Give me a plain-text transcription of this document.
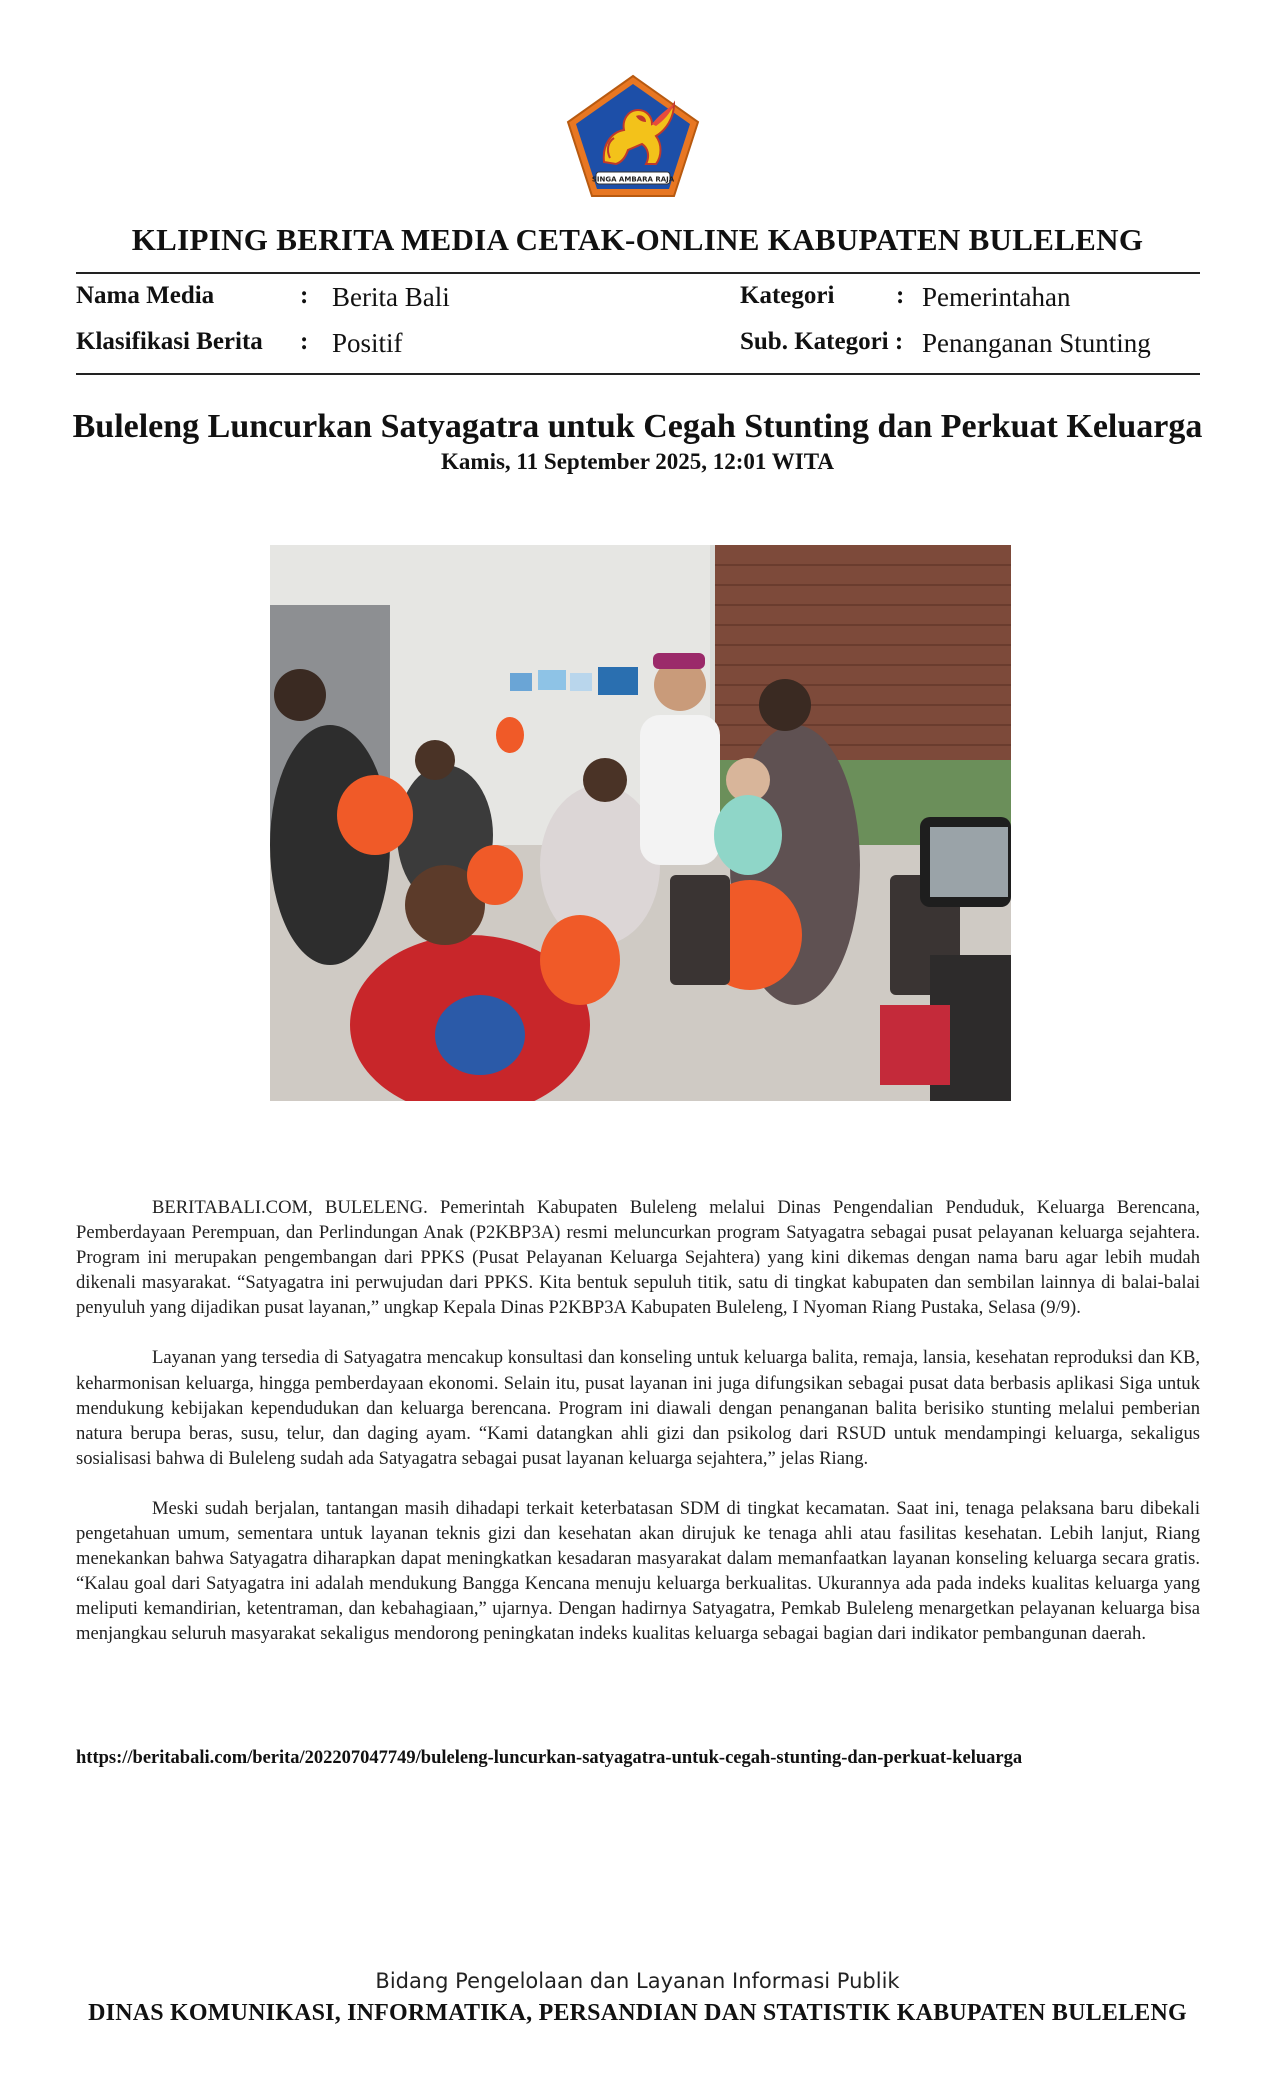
SINGA AMBARA RAJA
KLIPING BERITA MEDIA CETAK-ONLINE KABUPATEN BULELENG
Nama Media	: Berita Bali
Klasifikasi Berita : Positif
Kategori : Pemerintahan
Sub. Kategori : Penanganan Stunting
Buleleng Luncurkan Satyagatra untuk Cegah Stunting dan Perkuat Keluarga
Kamis, 11 September 2025, 12:01 WITA

BERITABALI.COM, BULELENG. Pemerintah Kabupaten Buleleng melalui Dinas Pengendalian Penduduk, Keluarga Berencana, Pemberdayaan Perempuan, dan Perlindungan Anak (P2KBP3A) resmi meluncurkan program Satyagatra sebagai pusat pelayanan keluarga sejahtera. Program ini merupakan pengembangan dari PPKS (Pusat Pelayanan Keluarga Sejahtera) yang kini dikemas dengan nama baru agar lebih mudah dikenali masyarakat. “Satyagatra ini perwujudan dari PPKS. Kita bentuk sepuluh titik, satu di tingkat kabupaten dan sembilan lainnya di balai-balai penyuluh yang dijadikan pusat layanan,” ungkap Kepala Dinas P2KBP3A Kabupaten Buleleng, I Nyoman Riang Pustaka, Selasa (9/9).

Layanan yang tersedia di Satyagatra mencakup konsultasi dan konseling untuk keluarga balita, remaja, lansia, kesehatan reproduksi dan KB, keharmonisan keluarga, hingga pemberdayaan ekonomi. Selain itu, pusat layanan ini juga difungsikan sebagai pusat data berbasis aplikasi Siga untuk mendukung kebijakan kependudukan dan keluarga berencana. Program ini diawali dengan penanganan balita berisiko stunting melalui pemberian natura berupa beras, susu, telur, dan daging ayam. “Kami datangkan ahli gizi dan psikolog dari RSUD untuk mendampingi keluarga, sekaligus sosialisasi bahwa di Buleleng sudah ada Satyagatra sebagai pusat layanan keluarga sejahtera,” jelas Riang.

Meski sudah berjalan, tantangan masih dihadapi terkait keterbatasan SDM di tingkat kecamatan. Saat ini, tenaga pelaksana baru dibekali pengetahuan umum, sementara untuk layanan teknis gizi dan kesehatan akan dirujuk ke tenaga ahli atau fasilitas kesehatan. Lebih lanjut, Riang menekankan bahwa Satyagatra diharapkan dapat meningkatkan kesadaran masyarakat dalam memanfaatkan layanan konseling keluarga secara gratis. “Kalau goal dari Satyagatra ini adalah mendukung Bangga Kencana menuju keluarga berkualitas. Ukurannya ada pada indeks kualitas keluarga yang meliputi kemandirian, ketentraman, dan kebahagiaan,” ujarnya. Dengan hadirnya Satyagatra, Pemkab Buleleng menargetkan pelayanan keluarga bisa menjangkau seluruh masyarakat sekaligus mendorong peningkatan indeks kualitas keluarga sebagai bagian dari indikator pembangunan daerah.

https://beritabali.com/berita/202207047749/buleleng-luncurkan-satyagatra-untuk-cegah-stunting-dan-perkuat-keluarga
Bidang Pengelolaan dan Layanan Informasi Publik
DINAS KOMUNIKASI, INFORMATIKA, PERSANDIAN DAN STATISTIK KABUPATEN BULELENG
